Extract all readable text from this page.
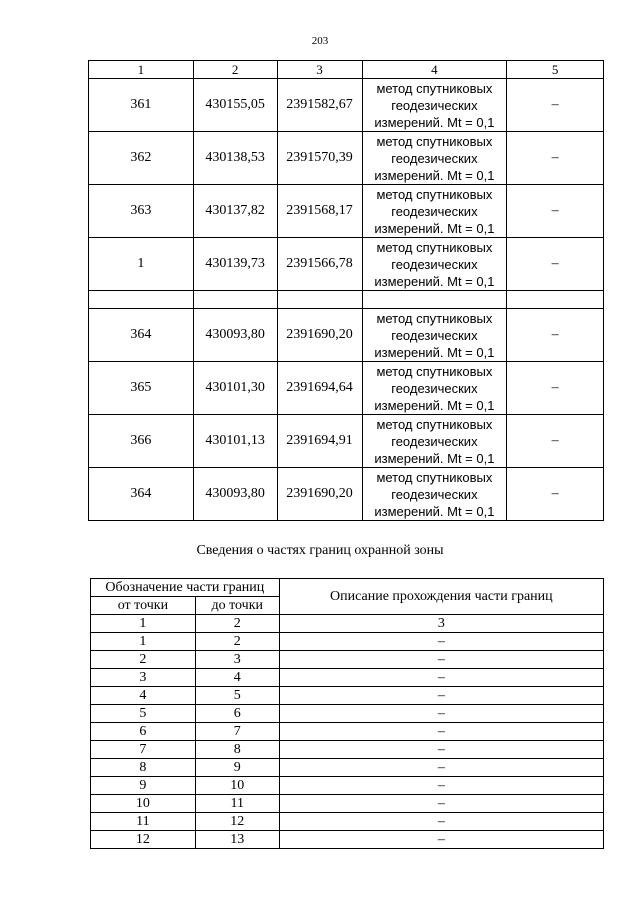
203
1	2	3	4	5
361	430155,05	2391582,67	метод спутниковых
геодезических
измерений. Mt = 0,1	–
362	430138,53	2391570,39	метод спутниковых
геодезических
измерений. Mt = 0,1	–
363	430137,82	2391568,17	метод спутниковых
геодезических
измерений. Mt = 0,1	–
1	430139,73	2391566,78	метод спутниковых
геодезических
измерений. Mt = 0,1	–

364	430093,80	2391690,20	метод спутниковых
геодезических
измерений. Mt = 0,1	–
365	430101,30	2391694,64	метод спутниковых
геодезических
измерений. Mt = 0,1	–
366	430101,13	2391694,91	метод спутниковых
геодезических
измерений. Mt = 0,1	–
364	430093,80	2391690,20	метод спутниковых
геодезических
измерений. Mt = 0,1	–
Сведения о частях границ охранной зоны
Обозначение части границ		Описание прохождения части границ
от точки	до точки	
1	2	3
1	2	–
2	3	–
3	4	–
4	5	–
5	6	–
6	7	–
7	8	–
8	9	–
9	10	–
10	11	–
11	12	–
12	13	–
